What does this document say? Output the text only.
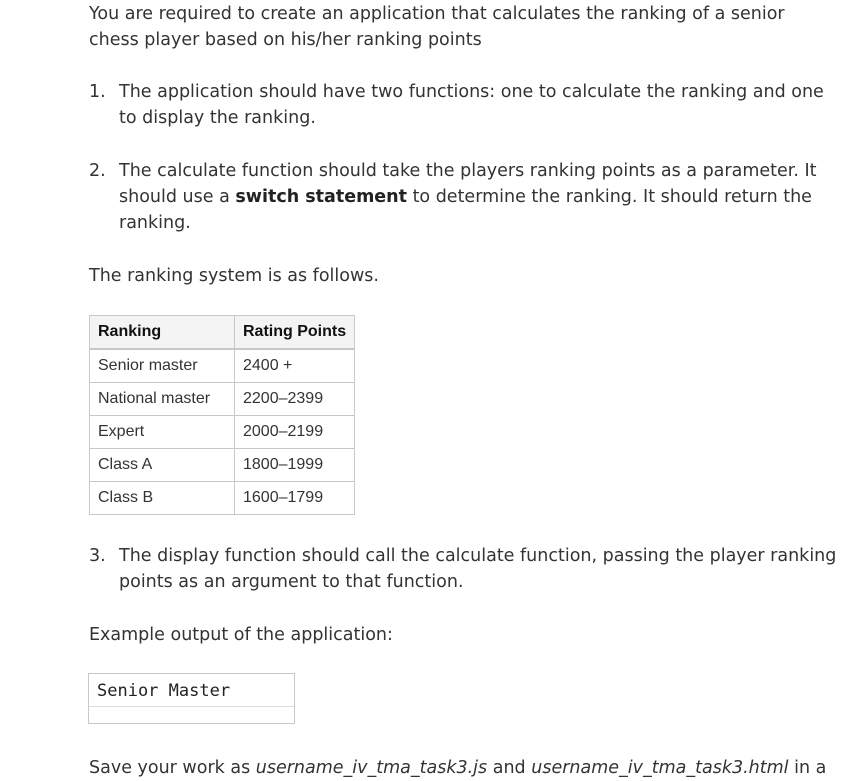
You are required to create an application that calculates the ranking of a senior chess player based on his/her ranking points

1. The application should have two functions: one to calculate the ranking and one to display the ranking.
2. The calculate function should take the players ranking points as a parameter. It should use a switch statement to determine the ranking. It should return the ranking.

The ranking system is as follows.

Ranking	Rating Points
Senior master	2400 +
National master	2200–2399
Expert	2000–2199
Class A	1800–1999
Class B	1600–1799
3. The display function should call the calculate function, passing the player ranking points as an argument to that function.

Example output of the application:

Senior Master
Save your work as username_iv_tma_task3.js and username_iv_tma_task3.html in a
